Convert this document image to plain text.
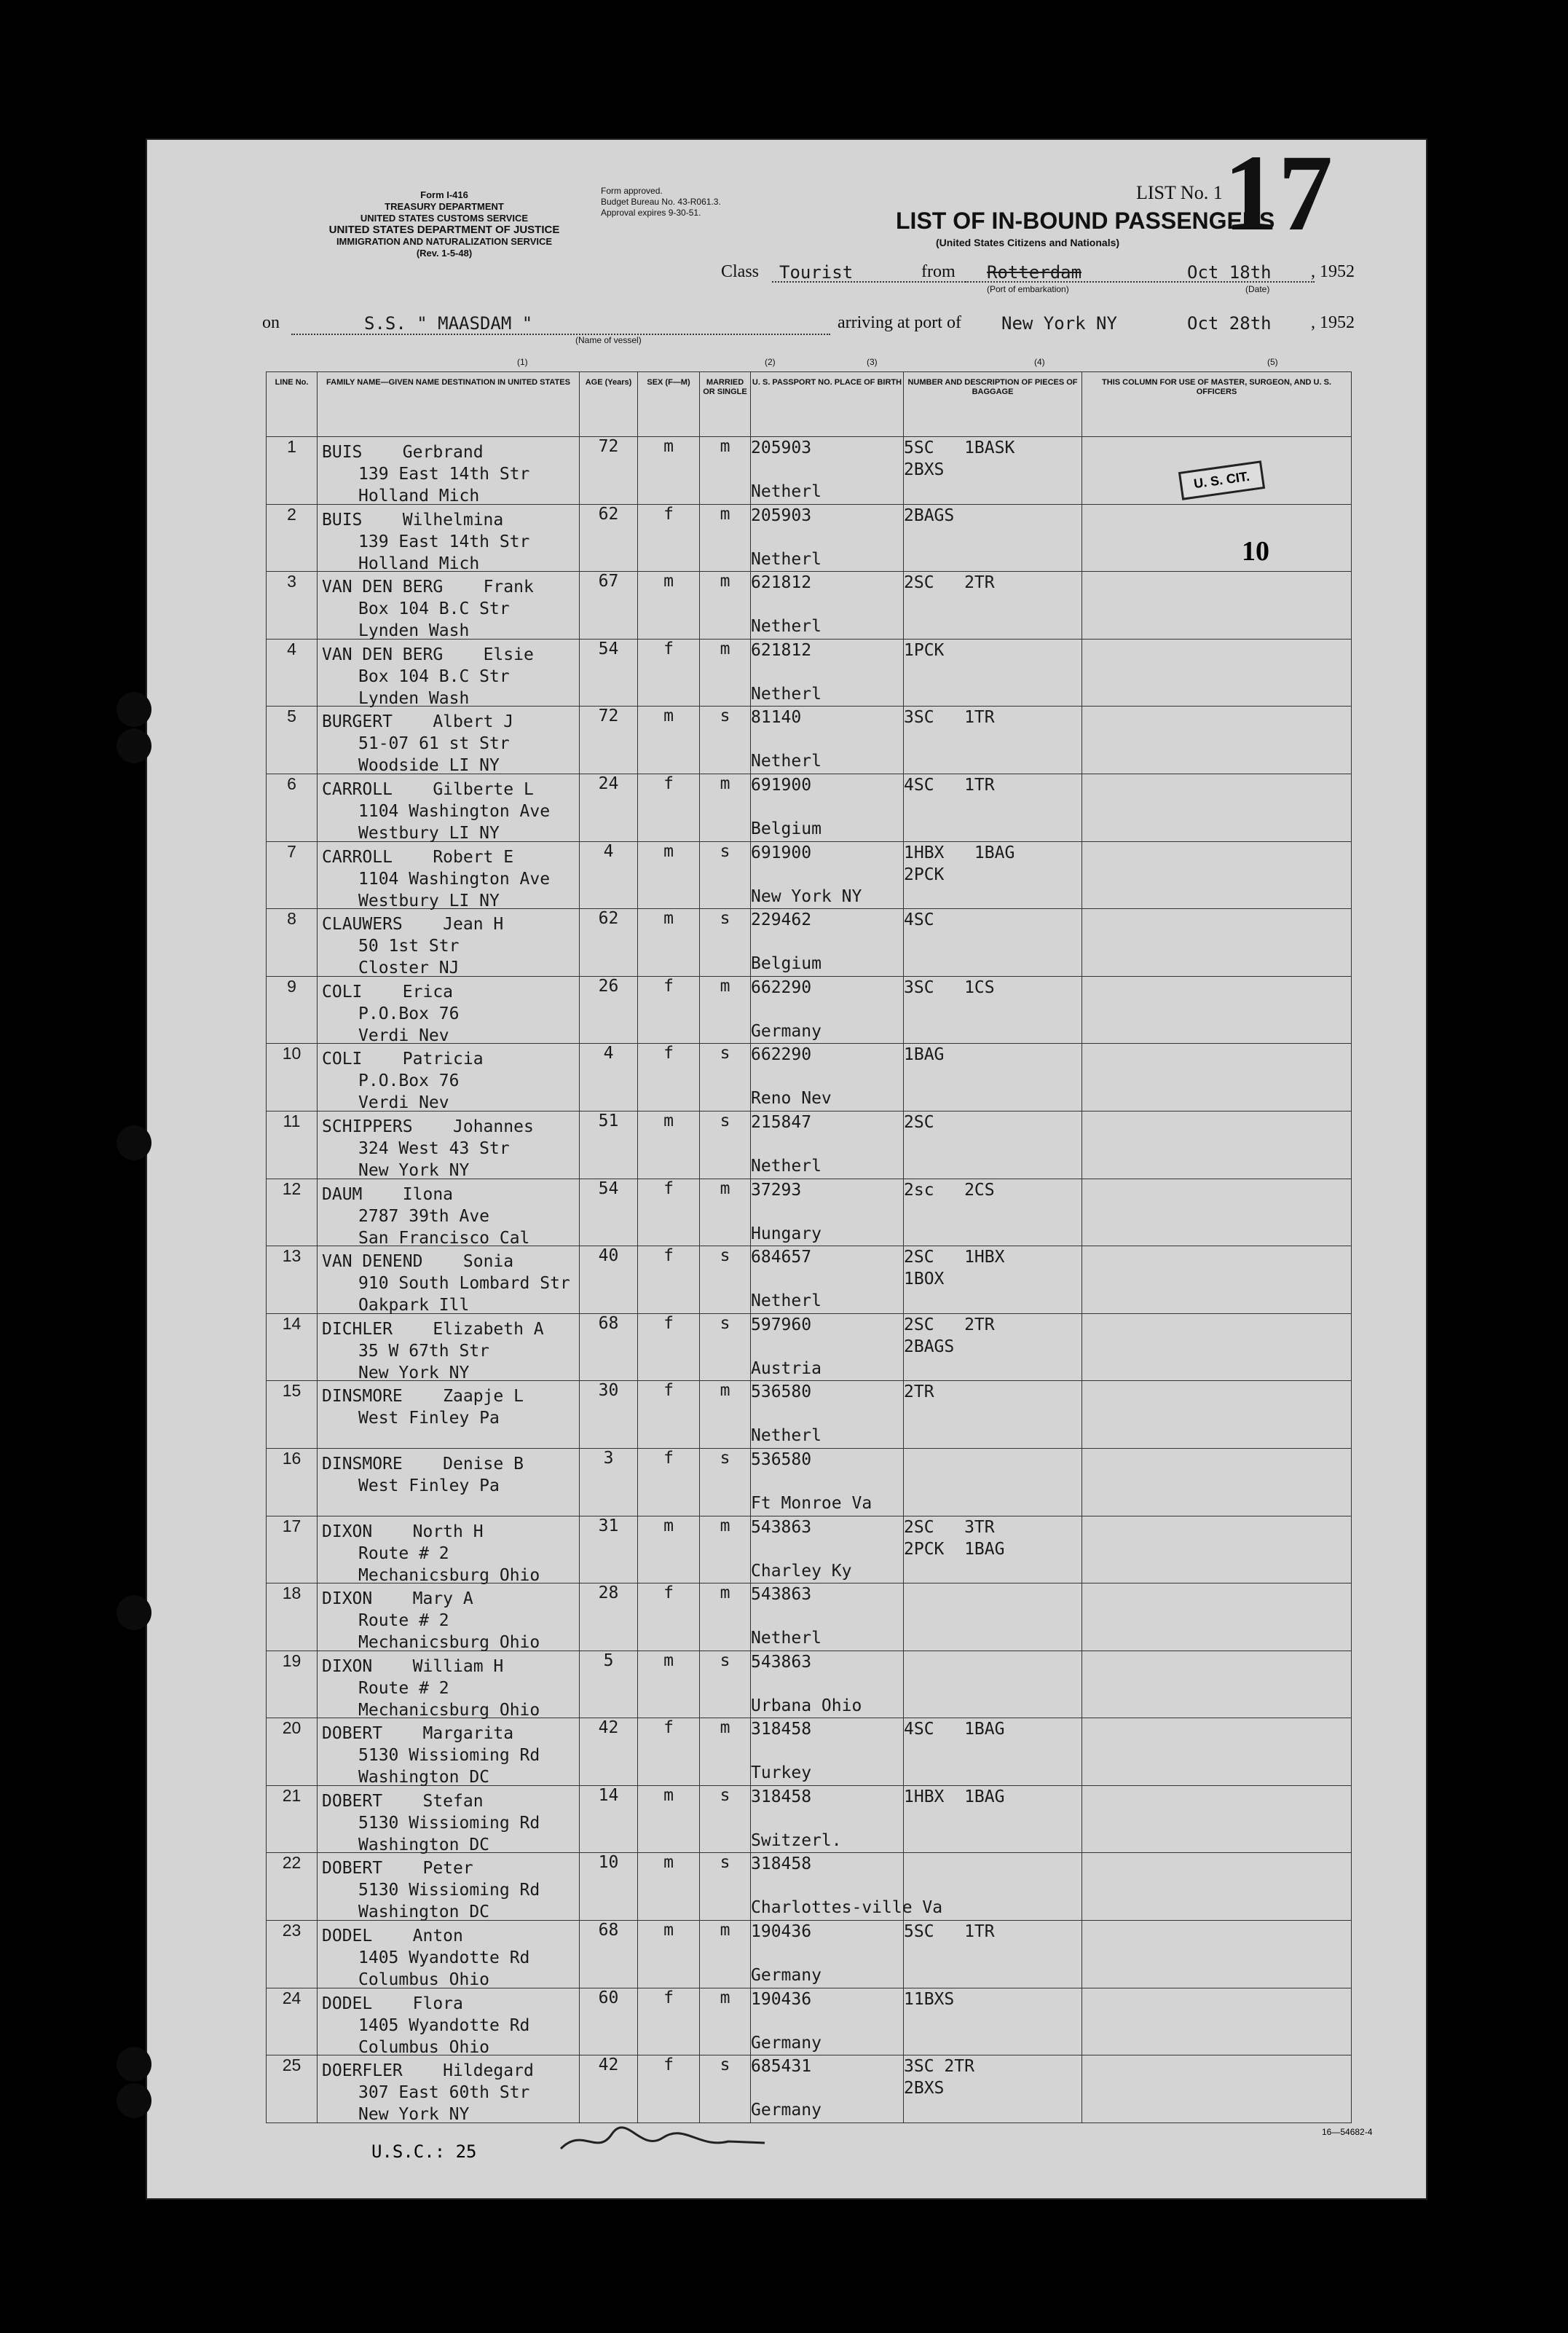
Form I-416
TREASURY DEPARTMENT
UNITED STATES CUSTOMS SERVICE
UNITED STATES DEPARTMENT OF JUSTICE
IMMIGRATION AND NATURALIZATION SERVICE
(Rev. 1-5-48)
Form approved.
Budget Bureau No. 43-R061.3.
Approval expires 9-30-51.
LIST No. 1 17
LIST OF IN-BOUND PASSENGERS
(United States Citizens and Nationals)
Class Tourist	from Rotterdam
(Port of embarkation)
Oct 18th , 1952
(Date)
on	S.S. " MAASDAM "
(Name of vessel)
arriving at port of New York NY	Oct 28th , 1952
(1)	(2)	(3)	(4)	(5)
LINE No.	FAMILY NAME—GIVEN NAME DESTINATION IN UNITED STATES	AGE (Years)	SEX (F—M)	MARRIED OR SINGLE	U. S. PASSPORT NO. PLACE OF BIRTH	NUMBER AND DESCRIPTION OF PIECES OF BAGGAGE	THIS COLUMN FOR USE OF MASTER, SURGEON, AND U. S. OFFICERS
1	BUIS Gerbrand
139 East 14th Str
Holland Mich	72	m	m	205903
Netherl	5SC   1BASK
2BXS	
2	BUIS Wilhelmina
139 East 14th Str
Holland Mich	62	f	m	205903
Netherl	2BAGS	
3	VAN DEN BERG Frank
Box 104 B.C Str
Lynden Wash	67	m	m	621812
Netherl	2SC   2TR	
4	VAN DEN BERG Elsie
Box 104 B.C Str
Lynden Wash	54	f	m	621812
Netherl	1PCK	
5	BURGERT Albert J
51-07 61 st Str
Woodside LI NY	72	m	s	81140
Netherl	3SC   1TR	
6	CARROLL Gilberte L
1104 Washington Ave
Westbury LI NY	24	f	m	691900
Belgium	4SC   1TR	
7	CARROLL Robert E
1104 Washington Ave
Westbury LI NY	4	m	s	691900
New York NY	1HBX   1BAG
2PCK	
8	CLAUWERS Jean H
50 1st Str
Closter NJ	62	m	s	229462
Belgium	4SC	
9	COLI Erica
P.O.Box 76
Verdi Nev	26	f	m	662290
Germany	3SC   1CS	
10	COLI Patricia
P.O.Box 76
Verdi Nev	4	f	s	662290
Reno Nev	1BAG	
11	SCHIPPERS Johannes
324 West 43 Str
New York NY	51	m	s	215847
Netherl	2SC	
12	DAUM Ilona
2787 39th Ave
San Francisco Cal	54	f	m	37293
Hungary	2sc   2CS	
13	VAN DENEND Sonia
910 South Lombard Str
Oakpark Ill	40	f	s	684657
Netherl	2SC   1HBX
1BOX	
14	DICHLER Elizabeth A
35 W 67th Str
New York NY	68	f	s	597960
Austria	2SC   2TR
2BAGS	
15	DINSMORE Zaapje L
West Finley Pa	30	f	m	536580
Netherl	2TR	
16	DINSMORE Denise B
West Finley Pa	3	f	s	536580
Ft Monroe Va		

17	DIXON North H
Route # 2
Mechanicsburg Ohio	31	m	m	543863
Charley Ky	2SC   3TR
2PCK  1BAG	
18	DIXON Mary A
Route # 2
Mechanicsburg Ohio	28	f	m	543863
Netherl		

19	DIXON William H
Route # 2
Mechanicsburg Ohio	5	m	s	543863
Urbana Ohio		

20	DOBERT Margarita
5130 Wissioming Rd
Washington DC	42	f	m	318458
Turkey	4SC   1BAG	
21	DOBERT Stefan
5130 Wissioming Rd
Washington DC	14	m	s	318458
Switzerl.	1HBX  1BAG	
22	DOBERT Peter
5130 Wissioming Rd
Washington DC	10	m	s	318458
Charlottes-ville Va		

23	DODEL Anton
1405 Wyandotte Rd
Columbus Ohio	68	m	m	190436
Germany	5SC   1TR	
24	DODEL Flora
1405 Wyandotte Rd
Columbus Ohio	60	f	m	190436
Germany	11BXS	
25	DOERFLER Hildegard
307 East 60th Str
New York NY	42	f	s	685431
Germany	3SC 2TR
2BXS	
U. S. CIT.
10
U.S.C.: 25
16—54682-4
